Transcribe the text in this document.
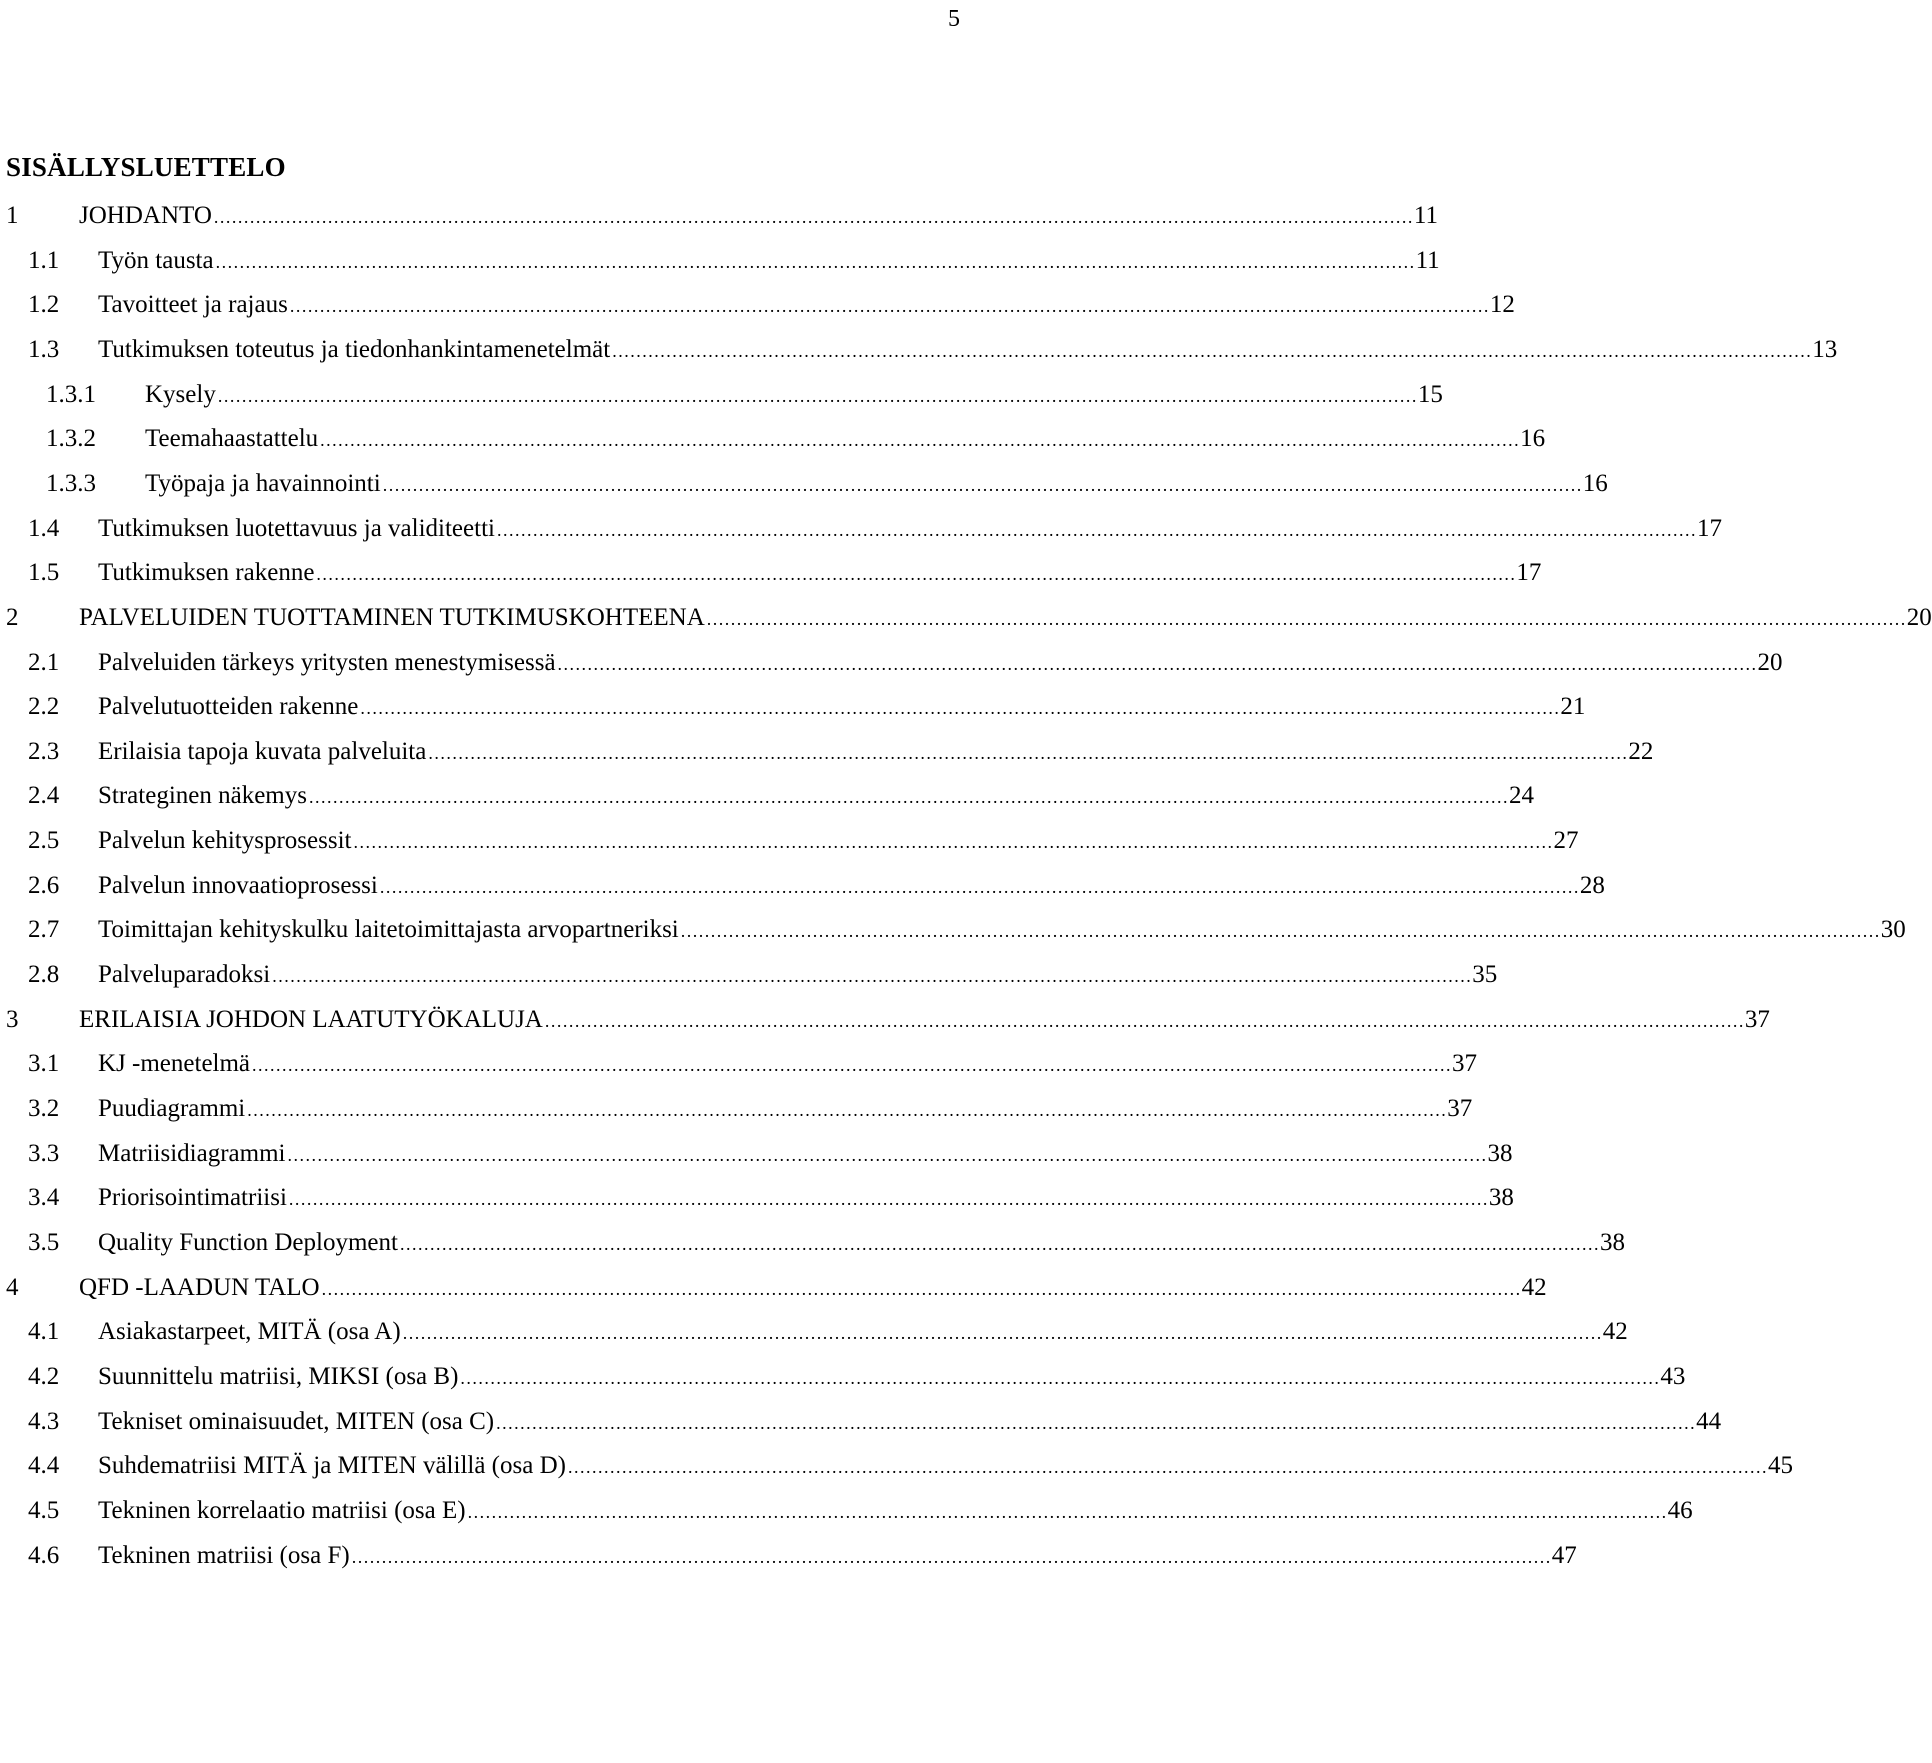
5
SISÄLLYSLUETTELO
1 JOHDANTO ........................................................................................................................................................................................................ 11
1.1 Työn tausta ........................................................................................................................................................................................................ 11
1.2 Tavoitteet ja rajaus ........................................................................................................................................................................................................ 12
1.3 Tutkimuksen toteutus ja tiedonhankintamenetelmät ........................................................................................................................................................................................................ 13
1.3.1 Kysely ........................................................................................................................................................................................................ 15
1.3.2 Teemahaastattelu ........................................................................................................................................................................................................ 16
1.3.3 Työpaja ja havainnointi ........................................................................................................................................................................................................ 16
1.4 Tutkimuksen luotettavuus ja validiteetti ........................................................................................................................................................................................................ 17
1.5 Tutkimuksen rakenne ........................................................................................................................................................................................................ 17
2 PALVELUIDEN TUOTTAMINEN TUTKIMUSKOHTEENA ........................................................................................................................................................................................................ 20
2.1 Palveluiden tärkeys yritysten menestymisessä ........................................................................................................................................................................................................ 20
2.2 Palvelutuotteiden rakenne ........................................................................................................................................................................................................ 21
2.3 Erilaisia tapoja kuvata palveluita ........................................................................................................................................................................................................ 22
2.4 Strateginen näkemys ........................................................................................................................................................................................................ 24
2.5 Palvelun kehitysprosessit ........................................................................................................................................................................................................ 27
2.6 Palvelun innovaatioprosessi ........................................................................................................................................................................................................ 28
2.7 Toimittajan kehityskulku laitetoimittajasta arvopartneriksi ........................................................................................................................................................................................................ 30
2.8 Palveluparadoksi ........................................................................................................................................................................................................ 35
3 ERILAISIA JOHDON LAATUTYÖKALUJA ........................................................................................................................................................................................................ 37
3.1 KJ -menetelmä ........................................................................................................................................................................................................ 37
3.2 Puudiagrammi ........................................................................................................................................................................................................ 37
3.3 Matriisidiagrammi ........................................................................................................................................................................................................ 38
3.4 Priorisointimatriisi ........................................................................................................................................................................................................ 38
3.5 Quality Function Deployment ........................................................................................................................................................................................................ 38
4 QFD -LAADUN TALO ........................................................................................................................................................................................................ 42
4.1 Asiakastarpeet, MITÄ (osa A) ........................................................................................................................................................................................................ 42
4.2 Suunnittelu matriisi, MIKSI (osa B) ........................................................................................................................................................................................................ 43
4.3 Tekniset ominaisuudet, MITEN (osa C) ........................................................................................................................................................................................................ 44
4.4 Suhdematriisi MITÄ ja MITEN välillä (osa D) ........................................................................................................................................................................................................ 45
4.5 Tekninen korrelaatio matriisi (osa E) ........................................................................................................................................................................................................ 46
4.6 Tekninen matriisi (osa F) ........................................................................................................................................................................................................ 47
